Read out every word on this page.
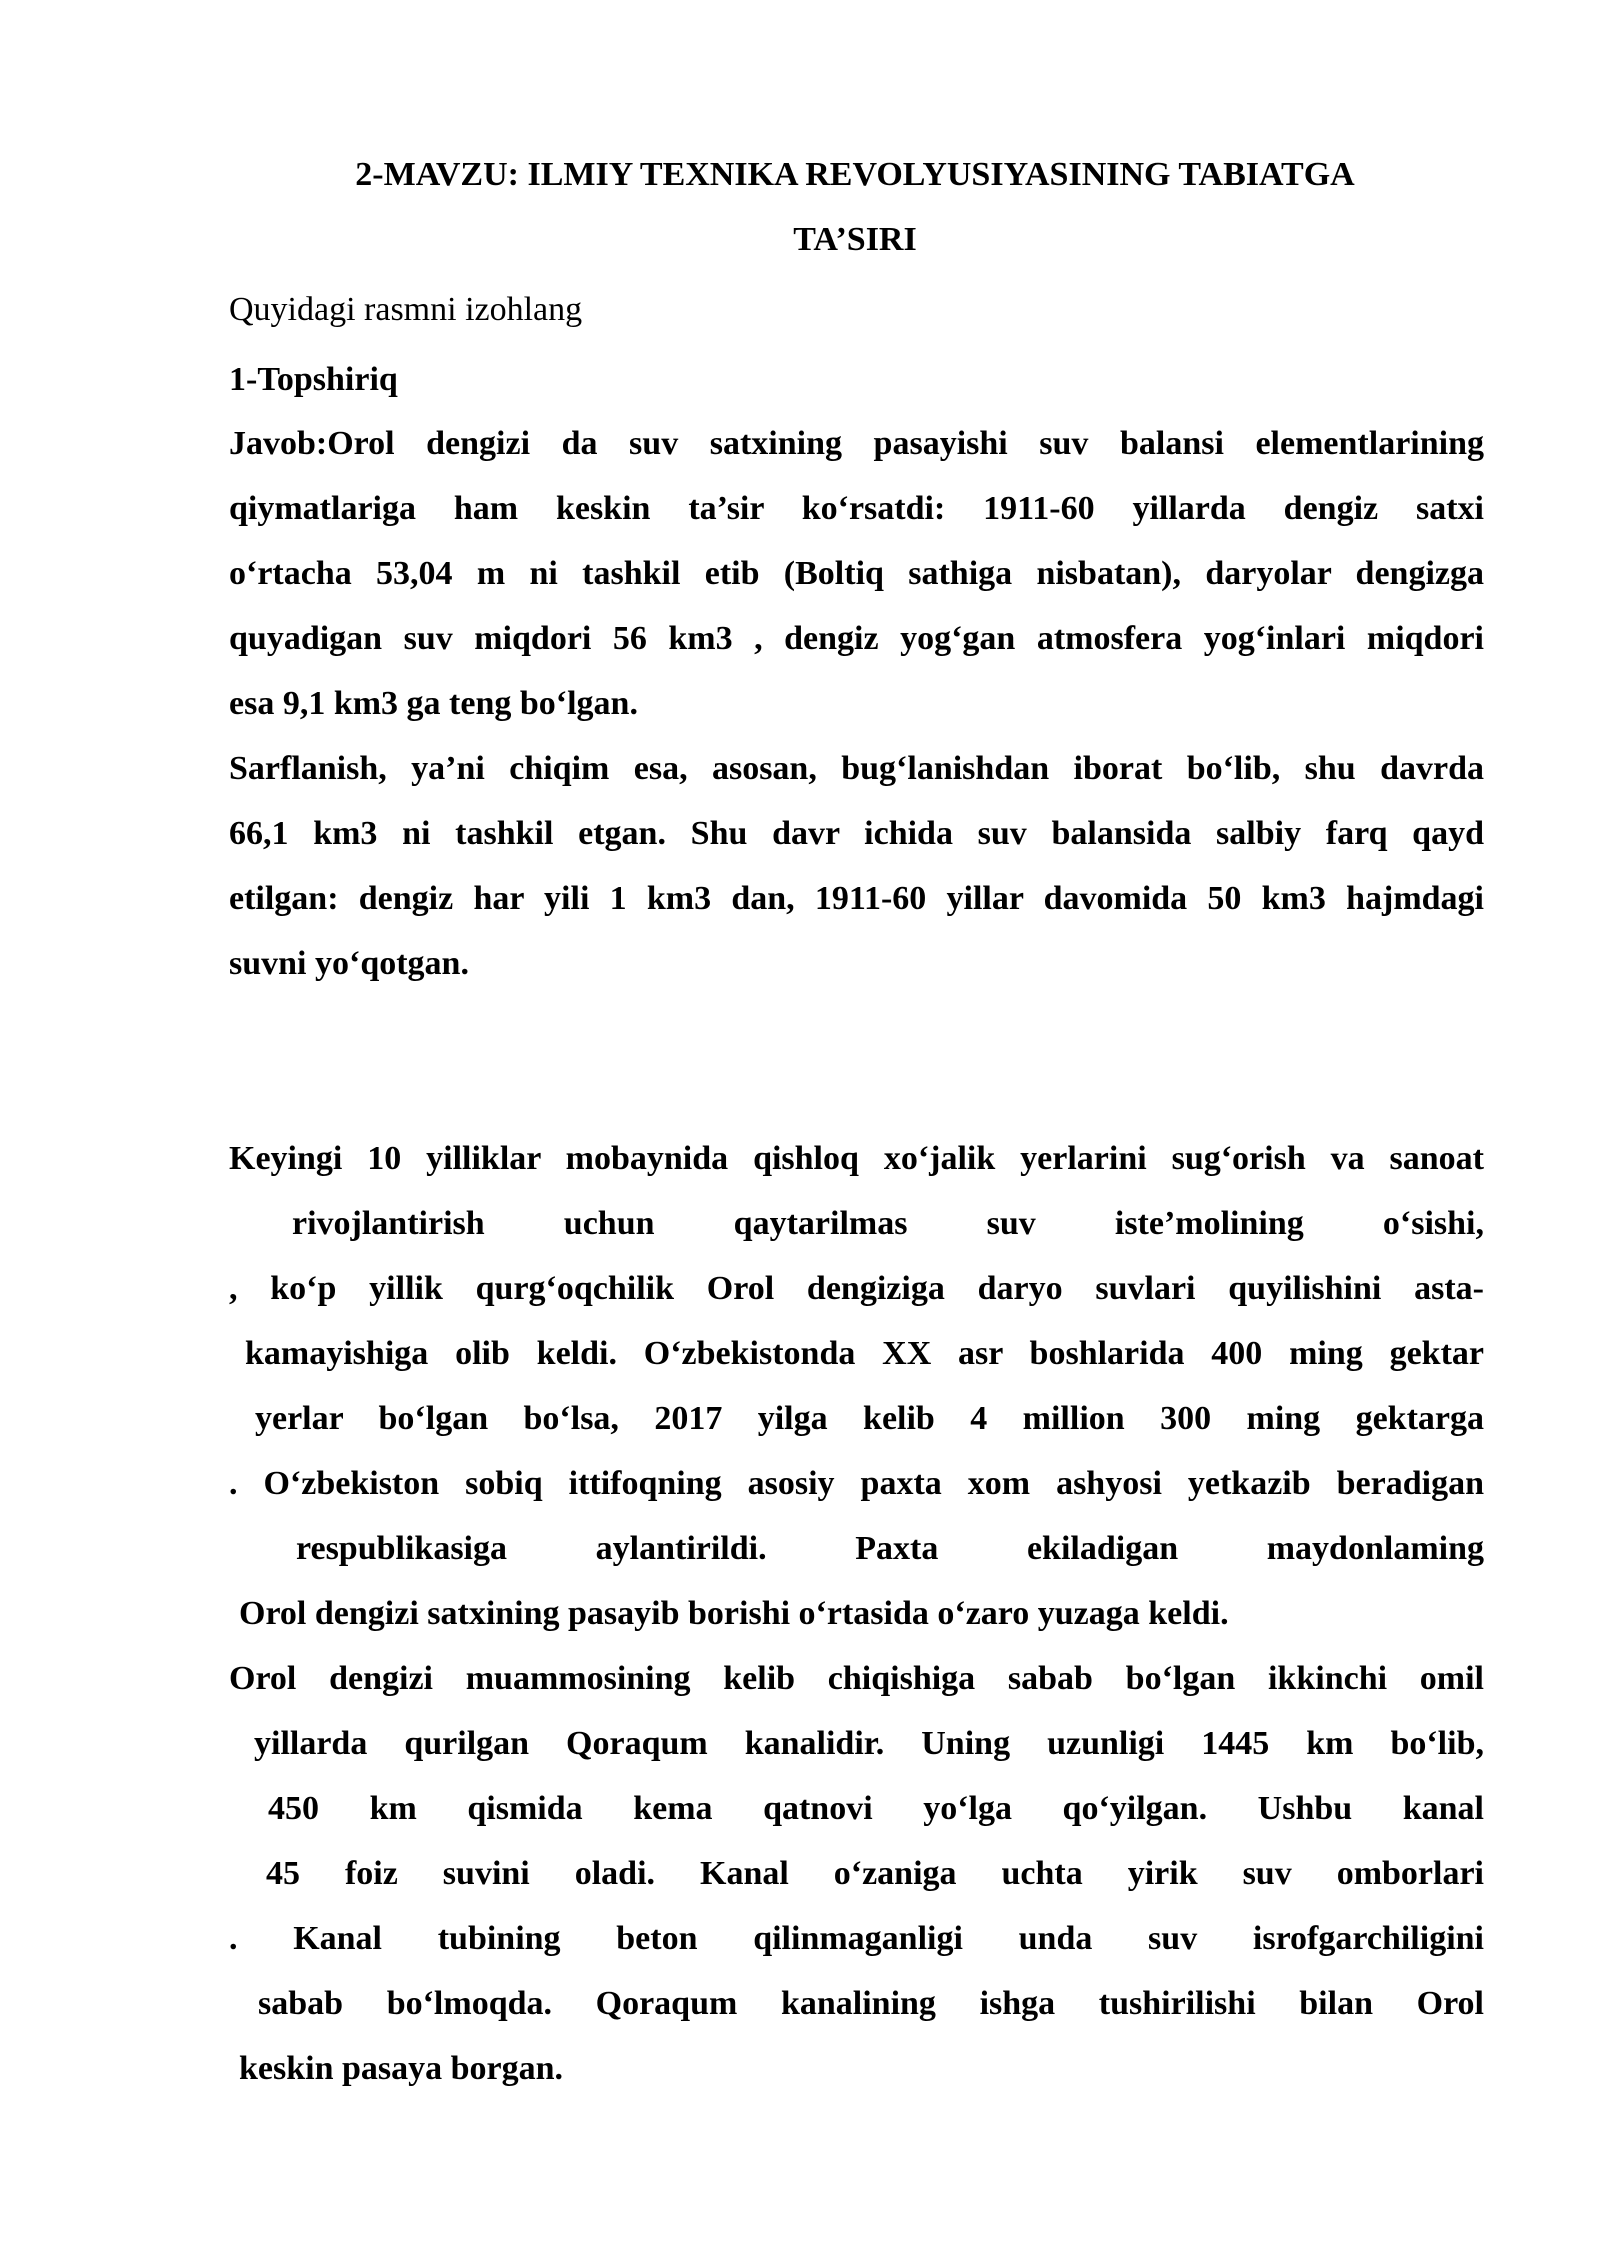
2-MAVZU: ILMIY TEXNIKA REVOLYUSIYASINING TABIATGA
TA’SIRI
Quyidagi rasmni izohlang
1-Topshiriq
Javob:Orol dengizi da suv satxining pasayishi suv balansi elementlarining
qiymatlariga ham keskin ta’sir ko‘rsatdi: 1911-60 yillarda dengiz satxi
o‘rtacha 53,04 m ni tashkil etib (Boltiq sathiga nisbatan), daryolar dengizga
quyadigan suv miqdori 56 km3 , dengiz yog‘gan atmosfera yog‘inlari miqdori
esa 9,1 km3 ga teng bo‘lgan.
Sarflanish, ya’ni chiqim esa, asosan, bug‘lanishdan iborat bo‘lib, shu davrda
66,1 km3 ni tashkil etgan. Shu davr ichida suv balansida salbiy farq qayd
etilgan: dengiz har yili 1 km3 dan, 1911-60 yillar davomida 50 km3 hajmdagi
suvni yo‘qotgan.
Keyingi 10 yilliklar mobaynida qishloq xo‘jalik yerlarini sug‘orish va sanoat
rivojlantirish uchun qaytarilmas suv iste’molining o‘sishi,
, ko‘p yillik qurg‘oqchilik Orol dengiziga daryo suvlari quyilishini asta-
kamayishiga olib keldi. O‘zbekistonda XX asr boshlarida 400 ming gektar
yerlar bo‘lgan bo‘lsa, 2017 yilga kelib 4 million 300 ming gektarga
. O‘zbekiston sobiq ittifoqning asosiy paxta xom ashyosi yetkazib beradigan
respublikasiga aylantirildi. Paxta ekiladigan maydonlaming
Orol dengizi satxining pasayib borishi o‘rtasida o‘zaro yuzaga keldi.
Orol dengizi muammosining kelib chiqishiga sabab bo‘lgan ikkinchi omil
yillarda qurilgan Qoraqum kanalidir. Uning uzunligi 1445 km bo‘lib,
450 km qismida kema qatnovi yo‘lga qo‘yilgan. Ushbu kanal
45 foiz suvini oladi. Kanal o‘zaniga uchta yirik suv omborlari
. Kanal tubining beton qilinmaganligi unda suv isrofgarchiligini
sabab bo‘lmoqda. Qoraqum kanalining ishga tushirilishi bilan Orol
keskin pasaya borgan.
